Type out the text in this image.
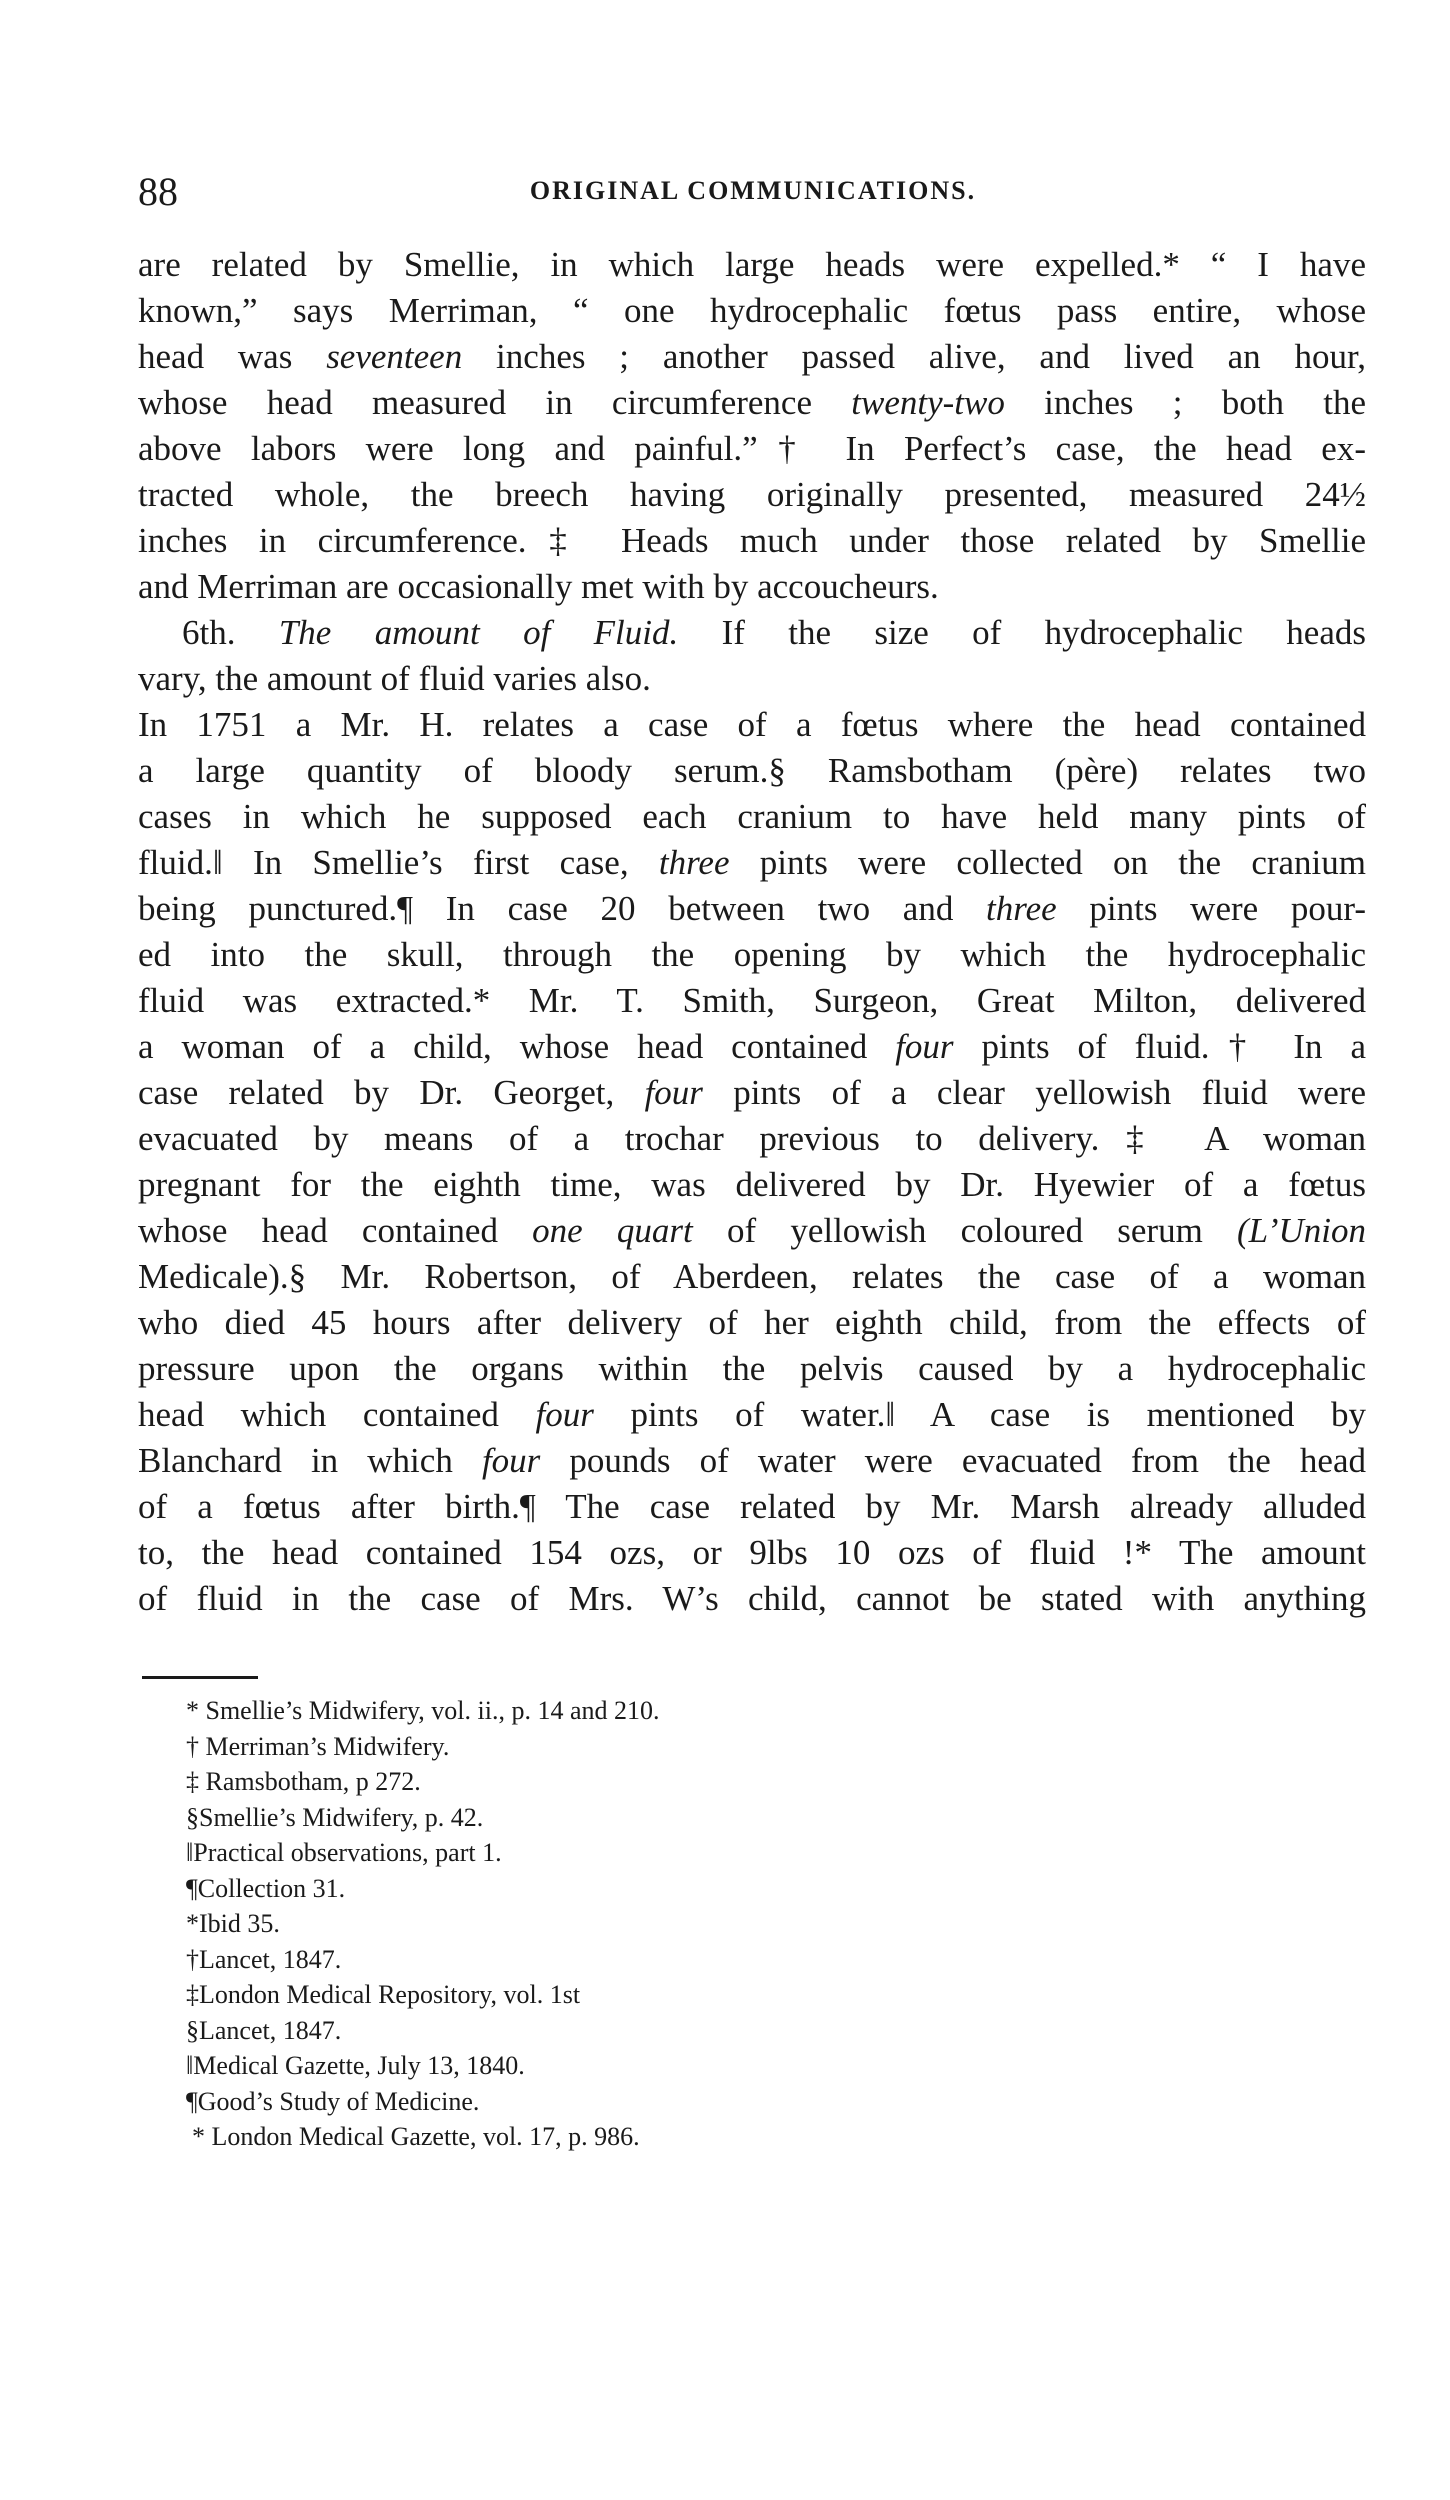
88	ORIGINAL COMMUNICATIONS.
are related by Smellie, in which large heads were expelled.* “ I have
known,” says Merriman, “ one hydrocephalic fœtus pass entire, whose
head was seventeen inches ; another passed alive, and lived an hour,
whose head measured in circumference twenty-two inches ; both the
above labors were long and painful.”† In Perfect’s case, the head ex-
tracted whole, the breech having originally presented, measured 24½
inches in circumference.‡ Heads much under those related by Smellie
and Merriman are occasionally met with by accoucheurs.
6th. The amount of Fluid. If the size of hydrocephalic heads
vary, the amount of fluid varies also.
In 1751 a Mr. H. relates a case of a fœtus where the head contained
a large quantity of bloody serum.§ Ramsbotham (père) relates two
cases in which he supposed each cranium to have held many pints of
fluid.‖ In Smellie’s first case, three pints were collected on the cranium
being punctured.¶ In case 20 between two and three pints were pour-
ed into the skull, through the opening by which the hydrocephalic
fluid was extracted.* Mr. T. Smith, Surgeon, Great Milton, delivered
a woman of a child, whose head contained four pints of fluid.† In a
case related by Dr. Georget, four pints of a clear yellowish fluid were
evacuated by means of a trochar previous to delivery.‡ A woman
pregnant for the eighth time, was delivered by Dr. Hyewier of a fœtus
whose head contained one quart of yellowish coloured serum (L’Union
Medicale).§ Mr. Robertson, of Aberdeen, relates the case of a woman
who died 45 hours after delivery of her eighth child, from the effects of
pressure upon the organs within the pelvis caused by a hydrocephalic
head which contained four pints of water.‖ A case is mentioned by
Blanchard in which four pounds of water were evacuated from the head
of a fœtus after birth.¶ The case related by Mr. Marsh already alluded
to, the head contained 154 ozs, or 9lbs 10 ozs of fluid !* The amount
of fluid in the case of Mrs. W’s child, cannot be stated with anything
* Smellie’s Midwifery, vol. ii., p. 14 and 210.
† Merriman’s Midwifery.
‡ Ramsbotham, p 272.
§Smellie’s Midwifery, p. 42.
‖Practical observations, part 1.
¶Collection 31.
*Ibid 35.
†Lancet, 1847.
‡London Medical Repository, vol. 1st
§Lancet, 1847.
‖Medical Gazette, July 13, 1840.
¶Good’s Study of Medicine.
* London Medical Gazette, vol. 17, p. 986.
